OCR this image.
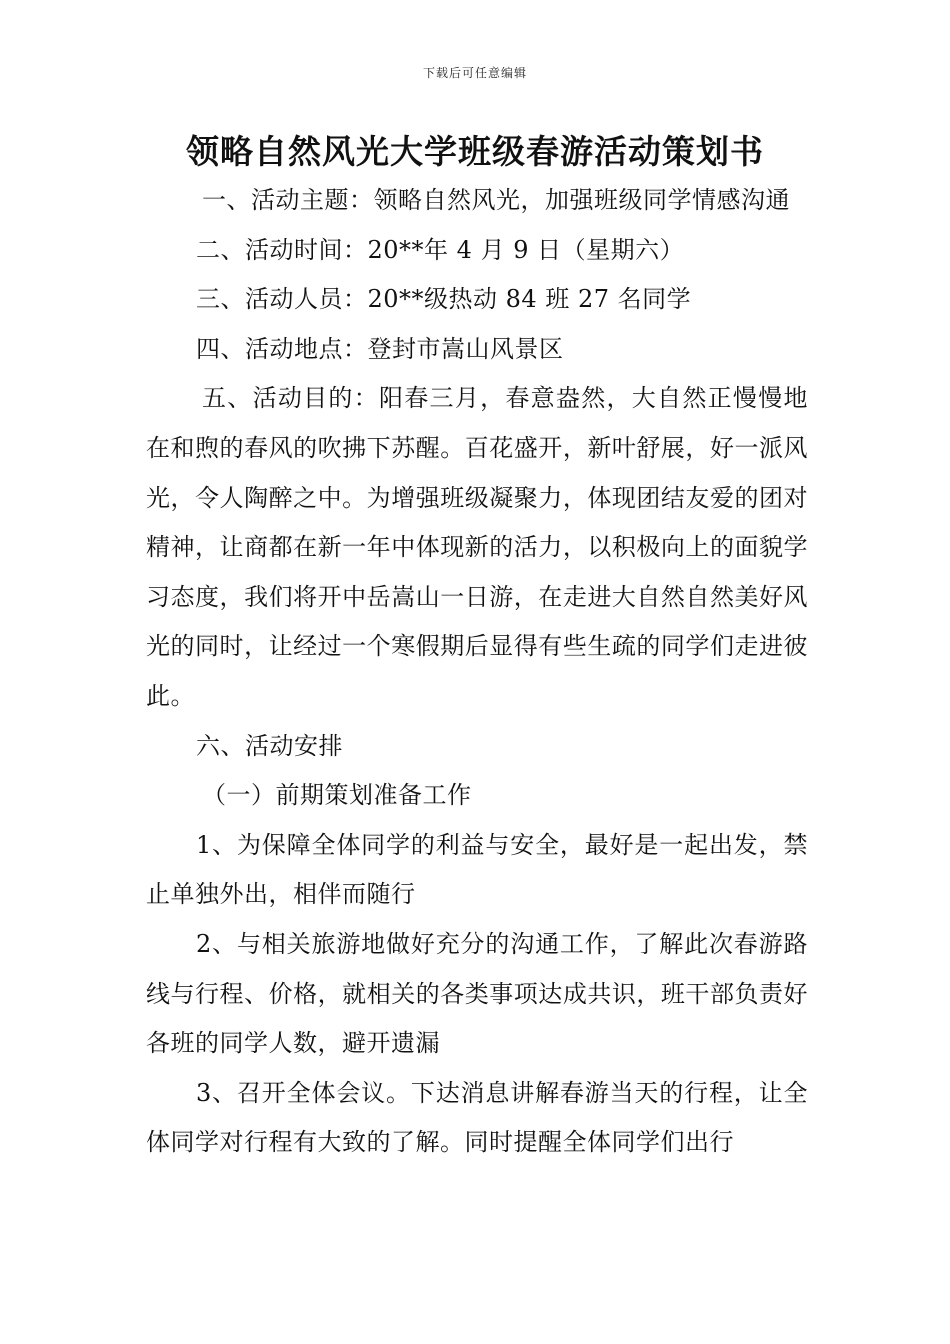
下载后可任意编辑
领略自然风光大学班级春游活动策划书

一、活动主题：领略自然风光，加强班级同学情感沟通

二、活动时间：20**年 4 月 9 日（星期六）

三、活动人员：20**级热动 84 班 27 名同学

四、活动地点：登封市嵩山风景区

五、活动目的：阳春三月，春意盎然，大自然正慢慢地在和煦的春风的吹拂下苏醒。百花盛开，新叶舒展，好一派风光，令人陶醉之中。为增强班级凝聚力，体现团结友爱的团对精神，让商都在新一年中体现新的活力，以积极向上的面貌学习态度，我们将开中岳嵩山一日游，在走进大自然自然美好风光的同时，让经过一个寒假期后显得有些生疏的同学们走进彼此。

六、活动安排

（一）前期策划准备工作

1、为保障全体同学的利益与安全，最好是一起出发，禁止单独外出，相伴而随行

2、与相关旅游地做好充分的沟通工作，了解此次春游路线与行程、价格，就相关的各类事项达成共识，班干部负责好各班的同学人数，避开遗漏

3、召开全体会议。下达消息讲解春游当天的行程，让全体同学对行程有大致的了解。同时提醒全体同学们出行
